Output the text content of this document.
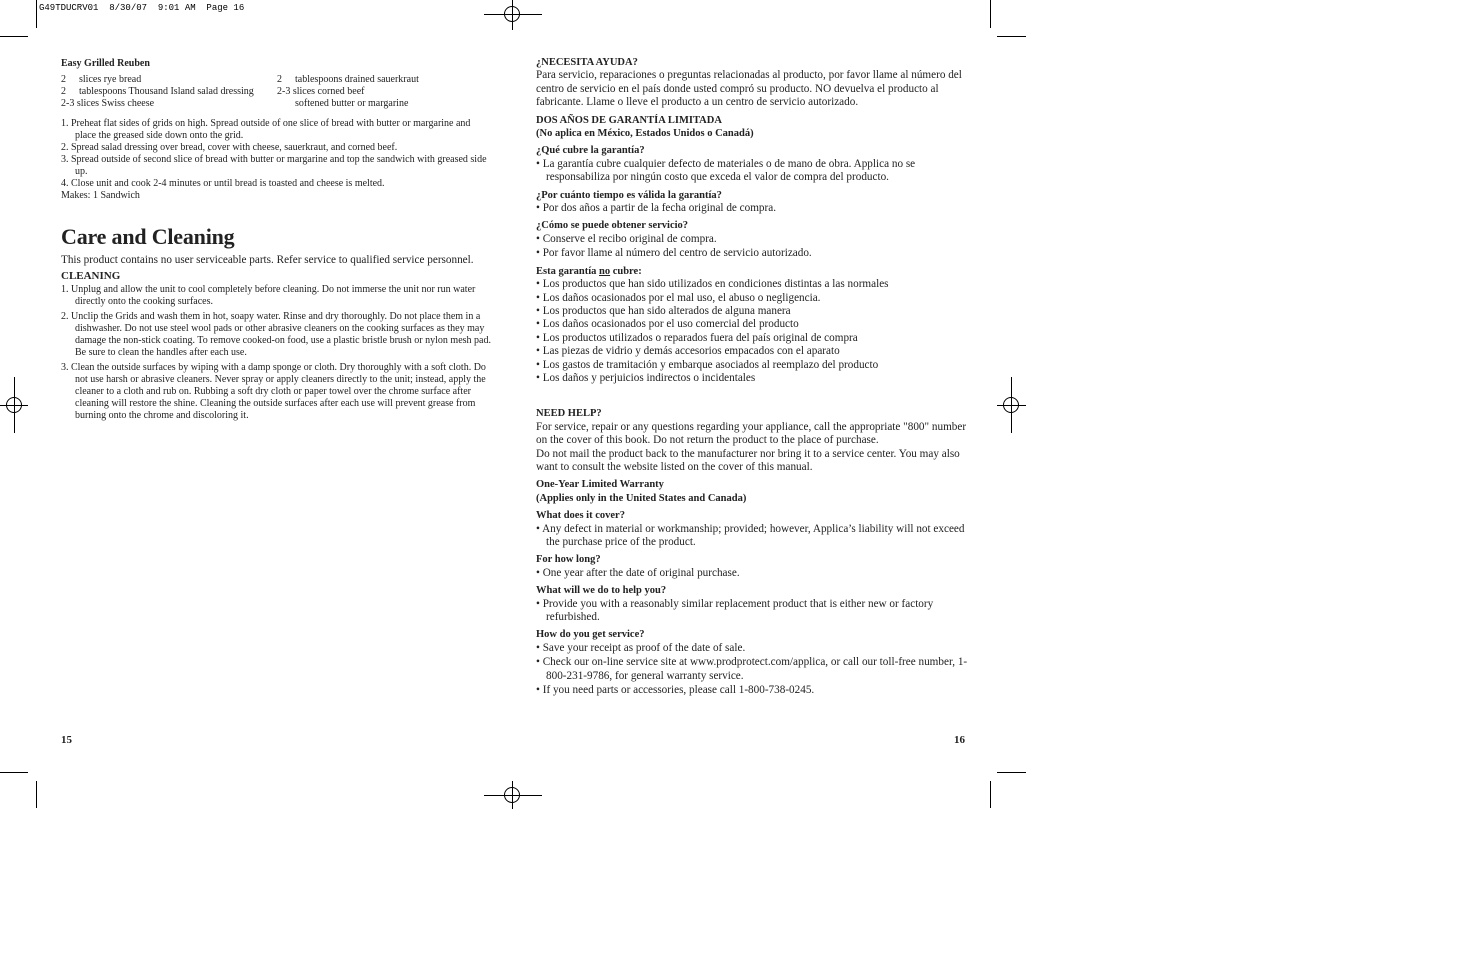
G49TDUCRV01  8/30/07  9:01 AM  Page 16
Easy Grilled Reuben
2 slices rye bread
2 tablespoons Thousand Island salad dressing
2-3 slices Swiss cheese
2 tablespoons drained sauerkraut
2-3 slices corned beef
softened butter or margarine
1. Preheat flat sides of grids on high. Spread outside of one slice of bread with butter or margarine and place the greased side down onto the grid.
2. Spread salad dressing over bread, cover with cheese, sauerkraut, and corned beef.
3. Spread outside of second slice of bread with butter or margarine and top the sandwich with greased side up.
4. Close unit and cook 2-4 minutes or until bread is toasted and cheese is melted.
Makes: 1 Sandwich
Care and Cleaning
This product contains no user serviceable parts. Refer service to qualified service personnel.
CLEANING
1. Unplug and allow the unit to cool completely before cleaning. Do not immerse the unit nor run water directly onto the cooking surfaces.
2. Unclip the Grids and wash them in hot, soapy water. Rinse and dry thoroughly. Do not place them in a dishwasher. Do not use steel wool pads or other abrasive cleaners on the cooking surfaces as they may damage the non-stick coating. To remove cooked-on food, use a plastic bristle brush or nylon mesh pad. Be sure to clean the handles after each use.
3. Clean the outside surfaces by wiping with a damp sponge or cloth. Dry thoroughly with a soft cloth. Do not use harsh or abrasive cleaners. Never spray or apply cleaners directly to the unit; instead, apply the cleaner to a cloth and rub on. Rubbing a soft dry cloth or paper towel over the chrome surface after cleaning will restore the shine. Cleaning the outside surfaces after each use will prevent grease from burning onto the chrome and discoloring it.
¿NECESITA AYUDA?
Para servicio, reparaciones o preguntas relacionadas al producto, por favor llame al número del centro de servicio en el país donde usted compró su producto. NO devuelva el producto al fabricante. Llame o lleve el producto a un centro de servicio autorizado.
DOS AÑOS DE GARANTÍA LIMITADA
(No aplica en México, Estados Unidos o Canadá)
¿Qué cubre la garantía?
• La garantía cubre cualquier defecto de materiales o de mano de obra. Applica no se responsabiliza por ningún costo que exceda el valor de compra del producto.
¿Por cuánto tiempo es válida la garantía?
• Por dos años a partir de la fecha original de compra.
¿Cómo se puede obtener servicio?
• Conserve el recibo original de compra.
• Por favor llame al número del centro de servicio autorizado.
Esta garantía no cubre:
• Los productos que han sido utilizados en condiciones distintas a las normales
• Los daños ocasionados por el mal uso, el abuso o negligencia.
• Los productos que han sido alterados de alguna manera
• Los daños ocasionados por el uso comercial del producto
• Los productos utilizados o reparados fuera del país original de compra
• Las piezas de vidrio y demás accesorios empacados con el aparato
• Los gastos de tramitación y embarque asociados al reemplazo del producto
• Los daños y perjuicios indirectos o incidentales
NEED HELP?
For service, repair or any questions regarding your appliance, call the appropriate "800" number on the cover of this book. Do not return the product to the place of purchase.
Do not mail the product back to the manufacturer nor bring it to a service center. You may also want to consult the website listed on the cover of this manual.
One-Year Limited Warranty
(Applies only in the United States and Canada)
What does it cover?
• Any defect in material or workmanship; provided; however, Applica’s liability will not exceed the purchase price of the product.
For how long?
• One year after the date of original purchase.
What will we do to help you?
• Provide you with a reasonably similar replacement product that is either new or factory refurbished.
How do you get service?
• Save your receipt as proof of the date of sale.
• Check our on-line service site at www.prodprotect.com/applica, or call our toll-free number, 1-800-231-9786, for general warranty service.
• If you need parts or accessories, please call 1-800-738-0245.
15	16
